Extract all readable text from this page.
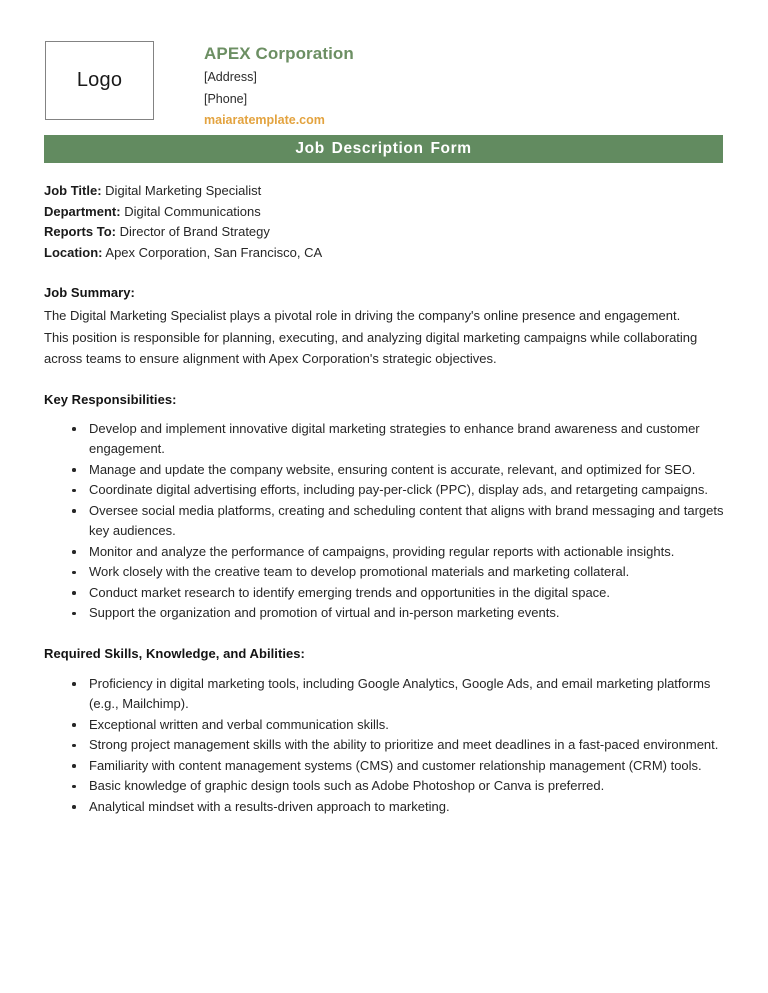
Logo
APEX Corporation
[Address]
[Phone]
maiaratemplate.com
Job Description Form
Job Title: Digital Marketing Specialist
Department: Digital Communications
Reports To: Director of Brand Strategy
Location: Apex Corporation, San Francisco, CA
Job Summary:
The Digital Marketing Specialist plays a pivotal role in driving the company's online presence and engagement. This position is responsible for planning, executing, and analyzing digital marketing campaigns while collaborating across teams to ensure alignment with Apex Corporation's strategic objectives.
Key Responsibilities:
Develop and implement innovative digital marketing strategies to enhance brand awareness and customer engagement.
Manage and update the company website, ensuring content is accurate, relevant, and optimized for SEO.
Coordinate digital advertising efforts, including pay-per-click (PPC), display ads, and retargeting campaigns.
Oversee social media platforms, creating and scheduling content that aligns with brand messaging and targets key audiences.
Monitor and analyze the performance of campaigns, providing regular reports with actionable insights.
Work closely with the creative team to develop promotional materials and marketing collateral.
Conduct market research to identify emerging trends and opportunities in the digital space.
Support the organization and promotion of virtual and in-person marketing events.
Required Skills, Knowledge, and Abilities:
Proficiency in digital marketing tools, including Google Analytics, Google Ads, and email marketing platforms (e.g., Mailchimp).
Exceptional written and verbal communication skills.
Strong project management skills with the ability to prioritize and meet deadlines in a fast-paced environment.
Familiarity with content management systems (CMS) and customer relationship management (CRM) tools.
Basic knowledge of graphic design tools such as Adobe Photoshop or Canva is preferred.
Analytical mindset with a results-driven approach to marketing.
